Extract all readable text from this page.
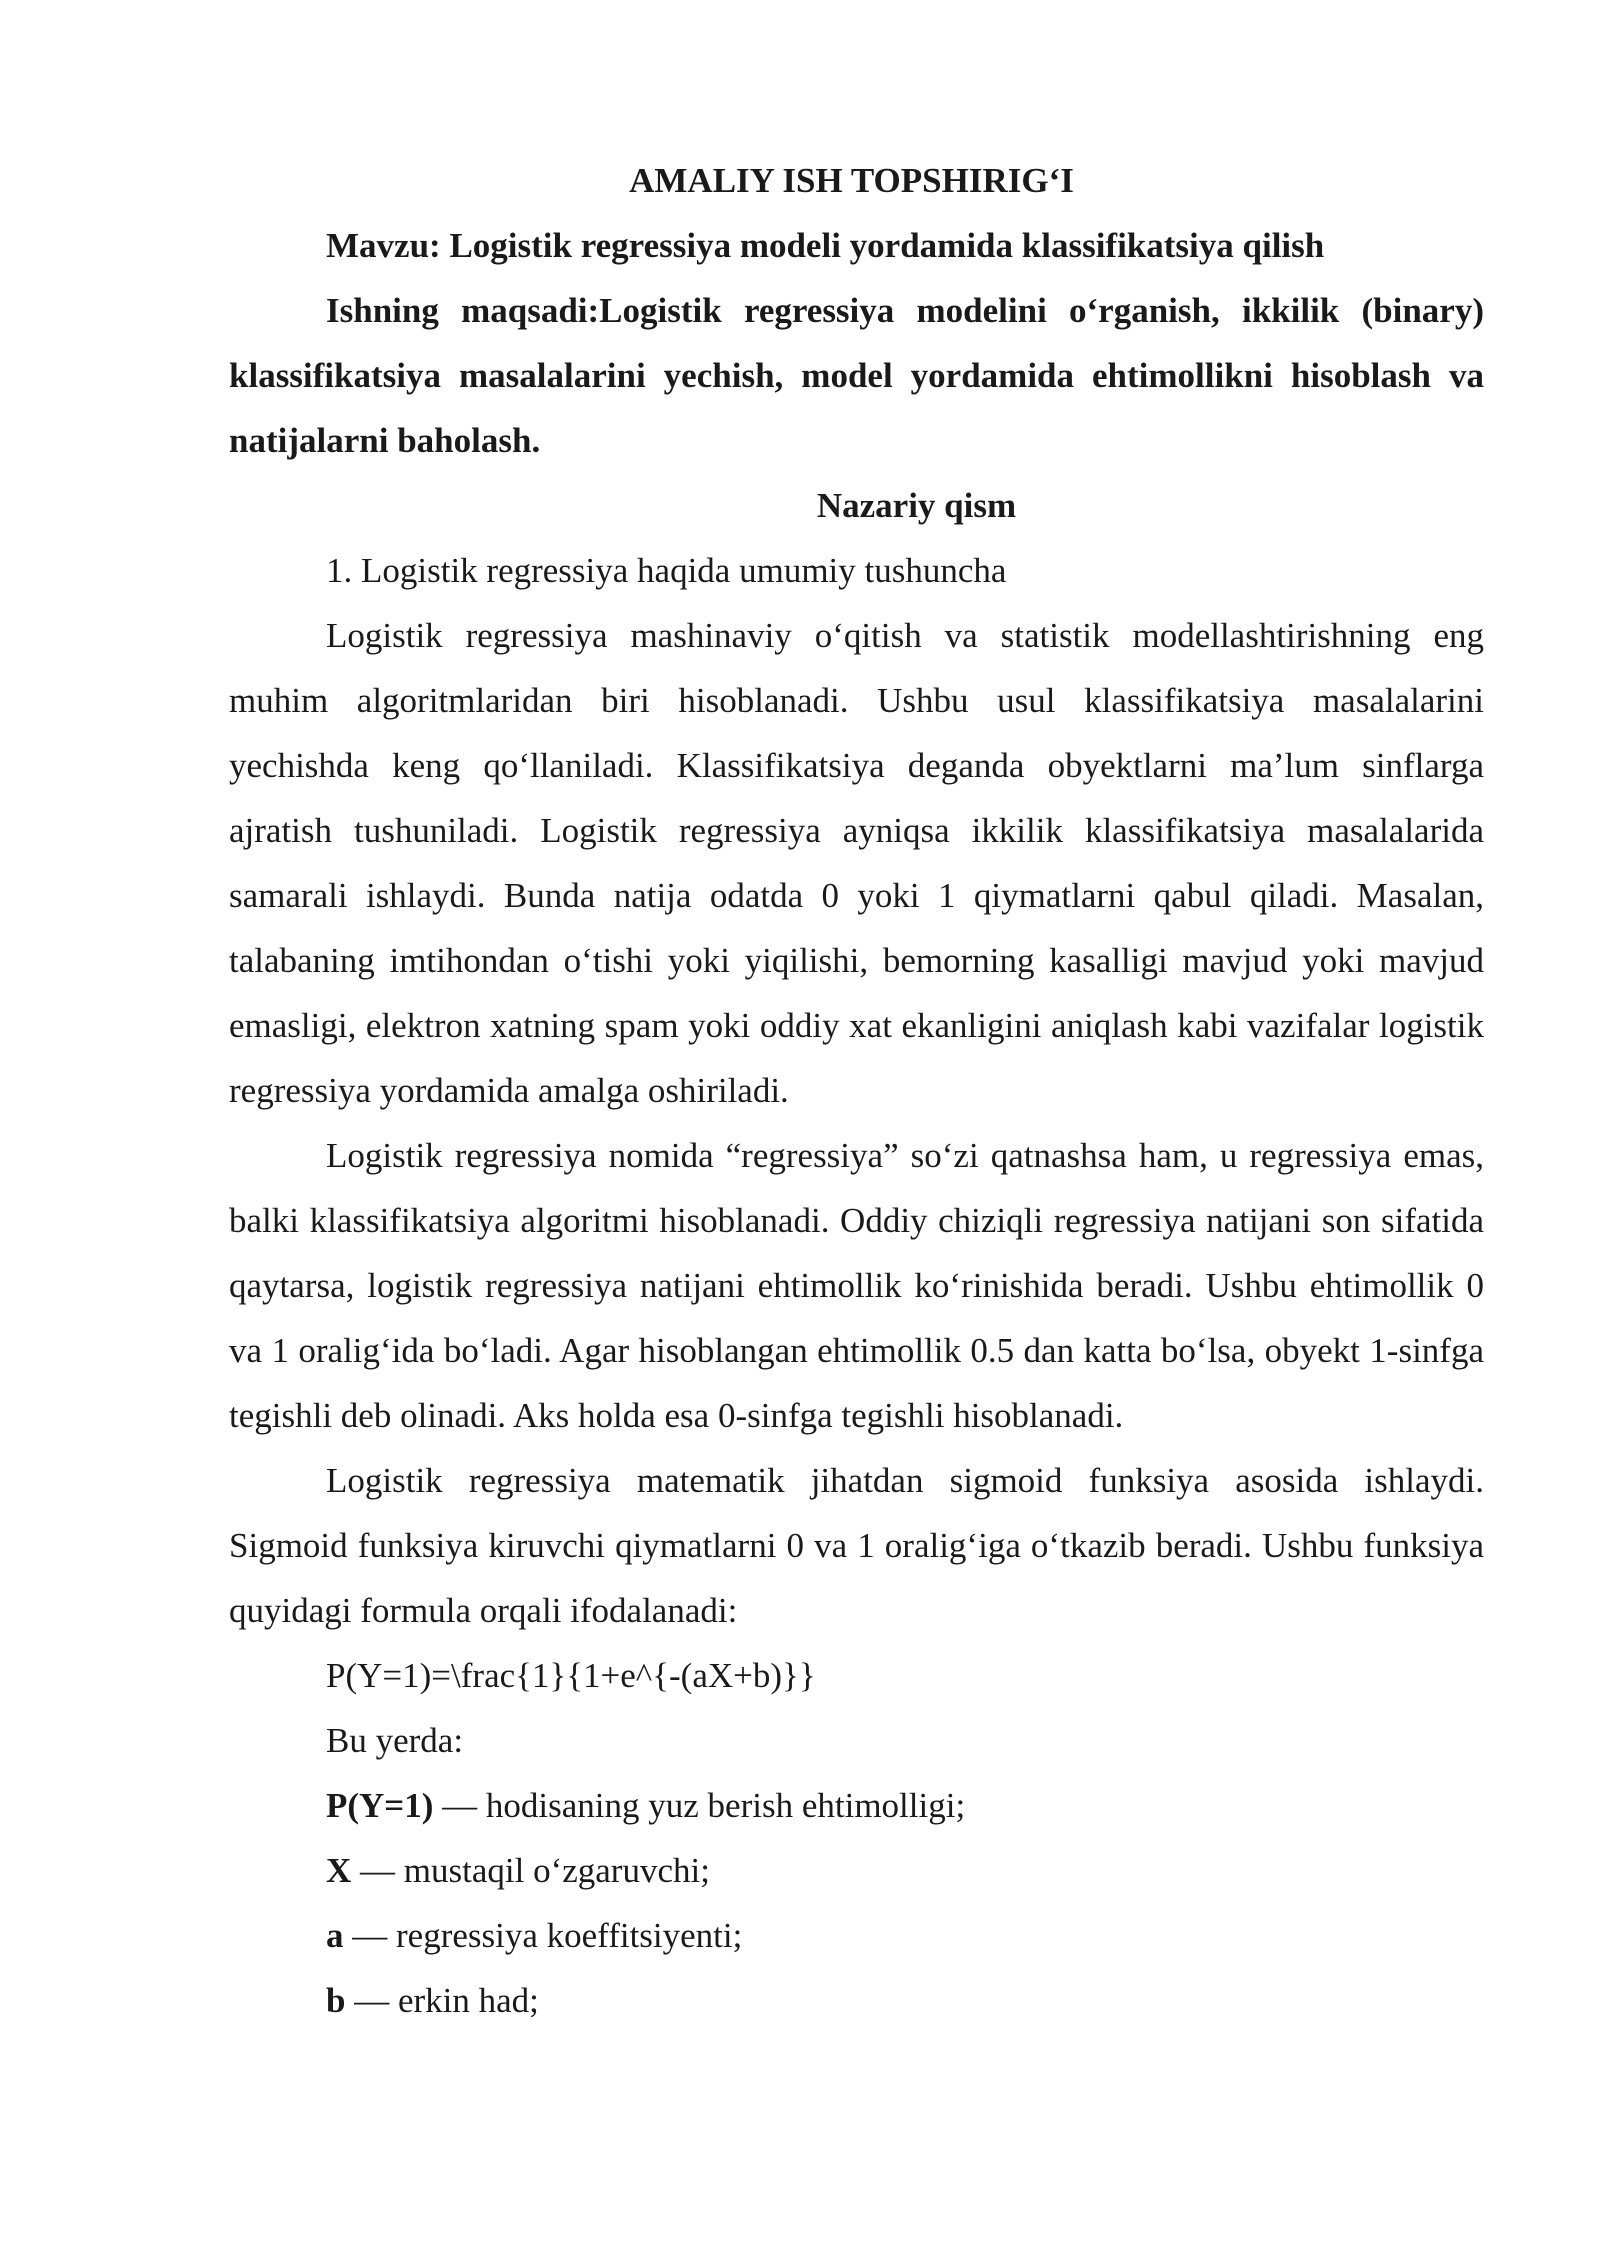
AMALIY ISH TOPSHIRIG‘I

Mavzu: Logistik regressiya modeli yordamida klassifikatsiya qilish

Ishning maqsadi:Logistik regressiya modelini o‘rganish, ikkilik (binary) klassifikatsiya masalalarini yechish, model yordamida ehtimollikni hisoblash va natijalarni baholash.

Nazariy qism

1. Logistik regressiya haqida umumiy tushuncha

Logistik regressiya mashinaviy o‘qitish va statistik modellashtirishning eng muhim algoritmlaridan biri hisoblanadi. Ushbu usul klassifikatsiya masalalarini yechishda keng qo‘llaniladi. Klassifikatsiya deganda obyektlarni ma’lum sinflarga ajratish tushuniladi. Logistik regressiya ayniqsa ikkilik klassifikatsiya masalalarida samarali ishlaydi. Bunda natija odatda 0 yoki 1 qiymatlarni qabul qiladi. Masalan, talabaning imtihondan o‘tishi yoki yiqilishi, bemorning kasalligi mavjud yoki mavjud emasligi, elektron xatning spam yoki oddiy xat ekanligini aniqlash kabi vazifalar logistik regressiya yordamida amalga oshiriladi.

Logistik regressiya nomida “regressiya” so‘zi qatnashsa ham, u regressiya emas, balki klassifikatsiya algoritmi hisoblanadi. Oddiy chiziqli regressiya natijani son sifatida qaytarsa, logistik regressiya natijani ehtimollik ko‘rinishida beradi. Ushbu ehtimollik 0 va 1 oralig‘ida bo‘ladi. Agar hisoblangan ehtimollik 0.5 dan katta bo‘lsa, obyekt 1-sinfga tegishli deb olinadi. Aks holda esa 0-sinfga tegishli hisoblanadi.

Logistik regressiya matematik jihatdan sigmoid funksiya asosida ishlaydi. Sigmoid funksiya kiruvchi qiymatlarni 0 va 1 oralig‘iga o‘tkazib beradi. Ushbu funksiya quyidagi formula orqali ifodalanadi:

P(Y=1)=\frac{1}{1+e^{-(aX+b)}}

Bu yerda:

P(Y=1) — hodisaning yuz berish ehtimolligi;

X — mustaqil o‘zgaruvchi;

a — regressiya koeffitsiyenti;

b — erkin had;
